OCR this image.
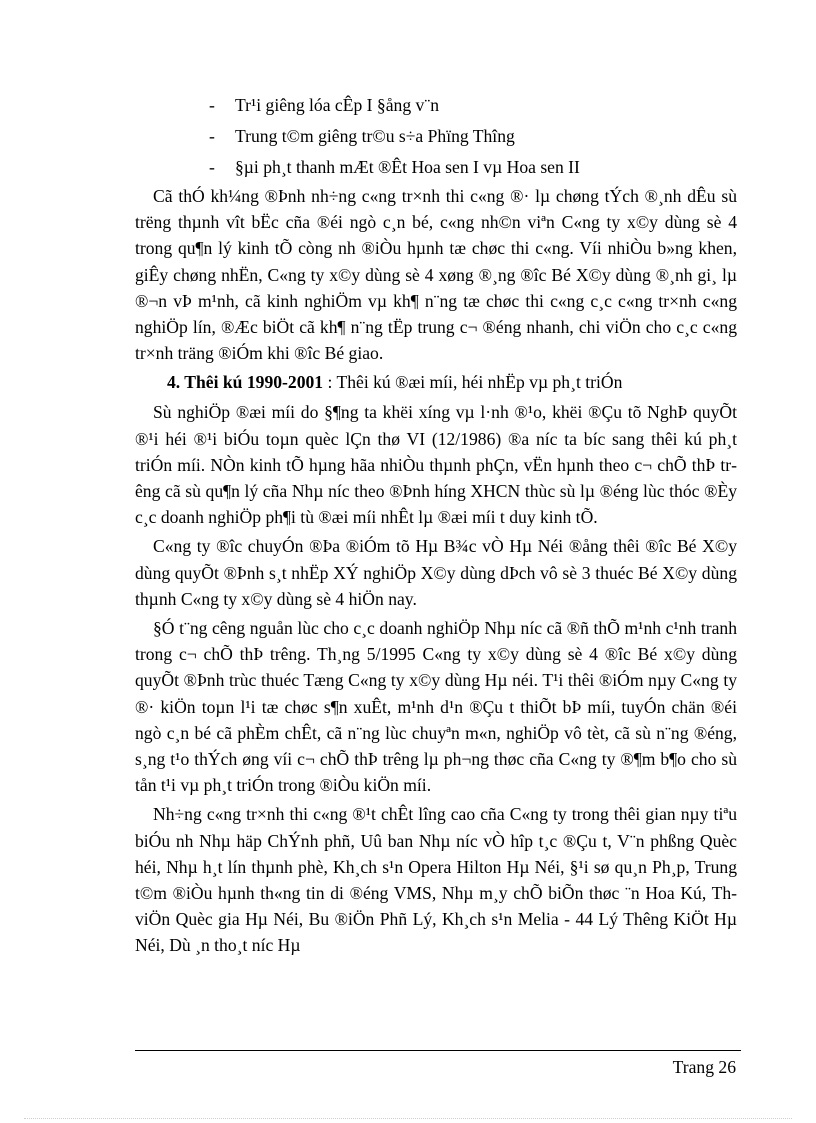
- Tr¹i giêng lóa cÊp I §ång v¨n
- Trung t©m giêng tr©u s÷a Phïng Thîng
- §µi ph¸t thanh mÆt ®Êt Hoa sen I vµ Hoa sen II

Cã thÓ kh¼ng ®Þnh nh÷ng c«ng tr×nh thi c«ng ®· lµ chøng tÝch ®¸nh dÊu sù trëng thµnh vît bËc cña ®éi ngò c¸n bé, c«ng nh©n viªn C«ng ty x©y dùng sè 4 trong qu¶n lý kinh tÕ còng nh ®iÒu hµnh tæ chøc thi c«ng. Víi nhiÒu b»ng khen, giÊy chøng nhËn, C«ng ty x©y dùng sè 4 xøng ®¸ng ®îc Bé X©y dùng ®¸nh gi¸ lµ ®¬n vÞ m¹nh, cã kinh nghiÖm vµ kh¶ n¨ng tæ chøc thi c«ng c¸c c«ng tr×nh c«ng nghiÖp lín, ®Æc biÖt cã kh¶ n¨ng tËp trung c¬ ®éng nhanh, chi viÖn cho c¸c c«ng tr×nh träng ®iÓm khi ®îc Bé giao.

4. Thêi kú 1990-2001 : Thêi kú ®æi míi, héi nhËp vµ ph¸t triÓn

Sù nghiÖp ®æi míi do §¶ng ta khëi xíng vµ l·nh ®¹o, khëi ®Çu tõ NghÞ quyÕt ®¹i héi ®¹i biÓu toµn quèc lÇn thø VI (12/1986) ®a níc ta bíc sang thêi kú ph¸t triÓn míi. NÒn kinh tÕ hµng hãa nhiÒu thµnh phÇn, vËn hµnh theo c¬ chÕ thÞ trêng cã sù qu¶n lý cña Nhµ níc theo ®Þnh híng XHCN thùc sù lµ ®éng lùc thóc ®Èy c¸c doanh nghiÖp ph¶i tù ®æi míi nhÊt lµ ®æi míi t duy kinh tÕ.

C«ng ty ®îc chuyÓn ®Þa ®iÓm tõ Hµ B¾c vÒ Hµ Néi ®ång thêi ®îc Bé X©y dùng quyÕt ®Þnh s¸t nhËp XÝ nghiÖp X©y dùng dÞch vô sè 3 thuéc Bé X©y dùng thµnh C«ng ty x©y dùng sè 4 hiÖn nay.

§Ó t¨ng cêng nguån lùc cho c¸c doanh nghiÖp Nhµ níc cã ®ñ thÕ m¹nh c¹nh tranh trong c¬ chÕ thÞ trêng. Th¸ng 5/1995 C«ng ty x©y dùng sè 4 ®îc Bé x©y dùng quyÕt ®Þnh trùc thuéc Tæng C«ng ty x©y dùng Hµ néi. T¹i thêi ®iÓm nµy C«ng ty ®· kiÖn toµn l¹i tæ chøc s¶n xuÊt, m¹nh d¹n ®Çu t thiÕt bÞ míi, tuyÓn chän ®éi ngò c¸n bé cã phÈm chÊt, cã n¨ng lùc chuyªn m«n, nghiÖp vô tèt, cã sù n¨ng ®éng, s¸ng t¹o thÝch øng víi c¬ chÕ thÞ trêng lµ ph¬ng thøc cña C«ng ty ®¶m b¶o cho sù tån t¹i vµ ph¸t triÓn trong ®iÒu kiÖn míi.

Nh÷ng c«ng tr×nh thi c«ng ®¹t chÊt lîng cao cña C«ng ty trong thêi gian nµy tiªu biÓu nh Nhµ häp ChÝnh phñ, Uû ban Nhµ níc vÒ hîp t¸c ®Çu t, V¨n phßng Quèc héi, Nhµ h¸t lín thµnh phè, Kh¸ch s¹n Opera Hilton Hµ Néi, §¹i sø qu¸n Ph¸p, Trung t©m ®iÒu hµnh th«ng tin di ®éng VMS, Nhµ m¸y chÕ biÕn thøc ¨n Hoa Kú, Th viÖn Quèc gia Hµ Néi, Bu ®iÖn Phñ Lý, Kh¸ch s¹n Melia - 44 Lý Thêng KiÖt Hµ Néi, Dù ¸n tho¸t níc Hµ

Trang 26
